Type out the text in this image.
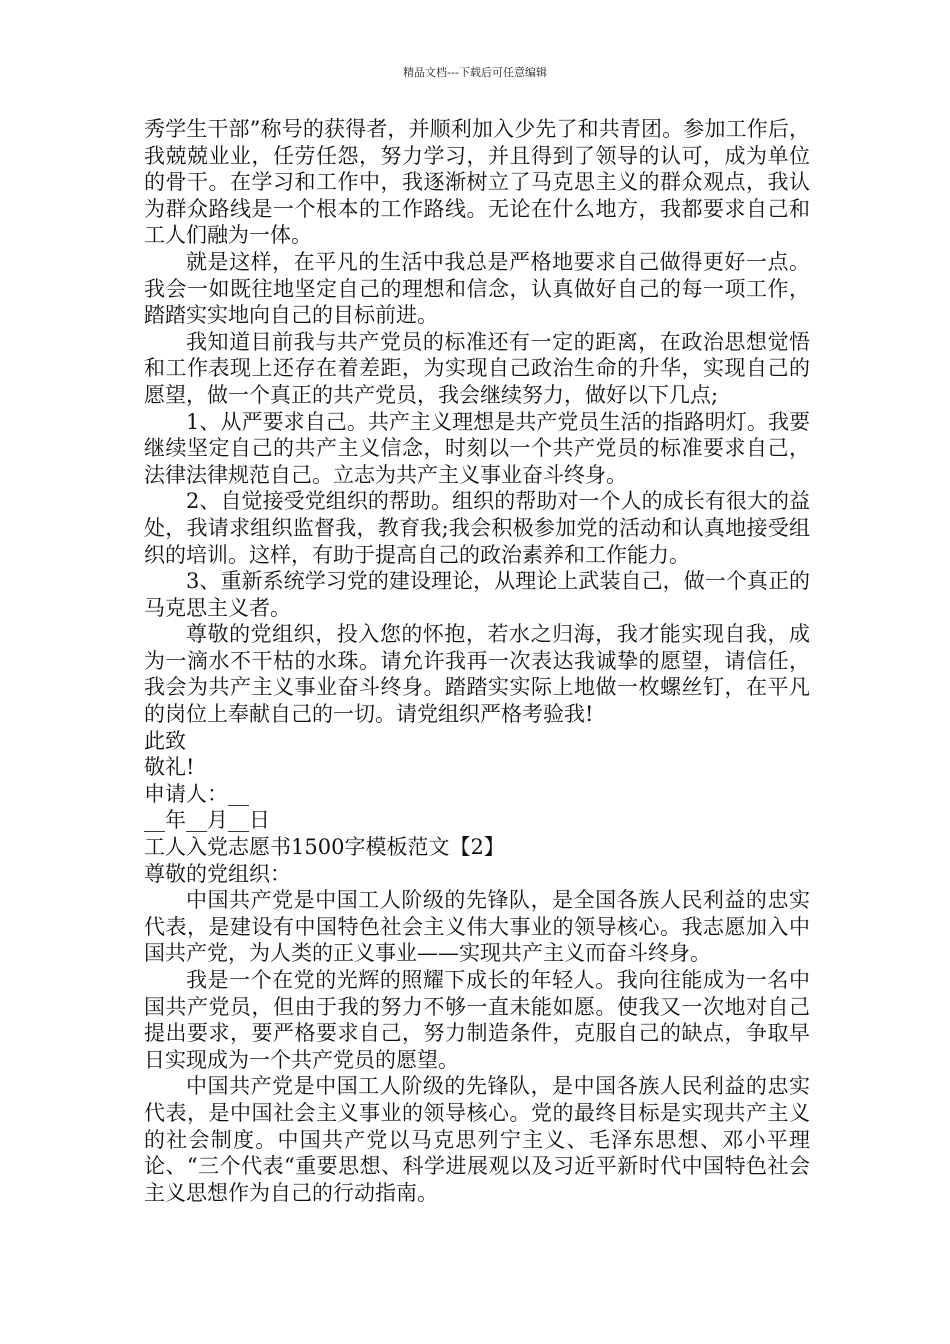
精品文档---下载后可任意编辑

秀学生干部”称号的获得者，并顺利加入少先了和共青团。参加工作后，我兢兢业业，任劳任怨，努力学习，并且得到了领导的认可，成为单位的骨干。在学习和工作中，我逐渐树立了马克思主义的群众观点，我认为群众路线是一个根本的工作路线。无论在什么地方，我都要求自己和工人们融为一体。

就是这样，在平凡的生活中我总是严格地要求自己做得更好一点。我会一如既往地坚定自己的理想和信念，认真做好自己的每一项工作，踏踏实实地向自己的目标前进。

我知道目前我与共产党员的标准还有一定的距离，在政治思想觉悟和工作表现上还存在着差距，为实现自己政治生命的升华，实现自己的愿望，做一个真正的共产党员，我会继续努力，做好以下几点;

1、从严要求自己。共产主义理想是共产党员生活的指路明灯。我要继续坚定自己的共产主义信念，时刻以一个共产党员的标准要求自己，法律法律规范自己。立志为共产主义事业奋斗终身。

2、自觉接受党组织的帮助。组织的帮助对一个人的成长有很大的益处，我请求组织监督我，教育我;我会积极参加党的活动和认真地接受组织的培训。这样，有助于提高自己的政治素养和工作能力。

3、重新系统学习党的建设理论，从理论上武装自己，做一个真正的马克思主义者。

尊敬的党组织，投入您的怀抱，若水之归海，我才能实现自我，成为一滴水不干枯的水珠。请允许我再一次表达我诚挚的愿望，请信任，我会为共产主义事业奋斗终身。踏踏实实际上地做一枚螺丝钉，在平凡的岗位上奉献自己的一切。请党组织严格考验我!

此致

敬礼!

申请人：__

__年__月__日

工人入党志愿书1500字模板范文【2】

尊敬的党组织：

中国共产党是中国工人阶级的先锋队，是全国各族人民利益的忠实代表，是建设有中国特色社会主义伟大事业的领导核心。我志愿加入中国共产党，为人类的正义事业——实现共产主义而奋斗终身。

我是一个在党的光辉的照耀下成长的年轻人。我向往能成为一名中国共产党员，但由于我的努力不够一直未能如愿。使我又一次地对自己提出要求，要严格要求自己，努力制造条件，克服自己的缺点，争取早日实现成为一个共产党员的愿望。

中国共产党是中国工人阶级的先锋队，是中国各族人民利益的忠实代表，是中国社会主义事业的领导核心。党的最终目标是实现共产主义的社会制度。中国共产党以马克思列宁主义、毛泽东思想、邓小平理论、“三个代表“重要思想、科学进展观以及习近平新时代中国特色社会主义思想作为自己的行动指南。
